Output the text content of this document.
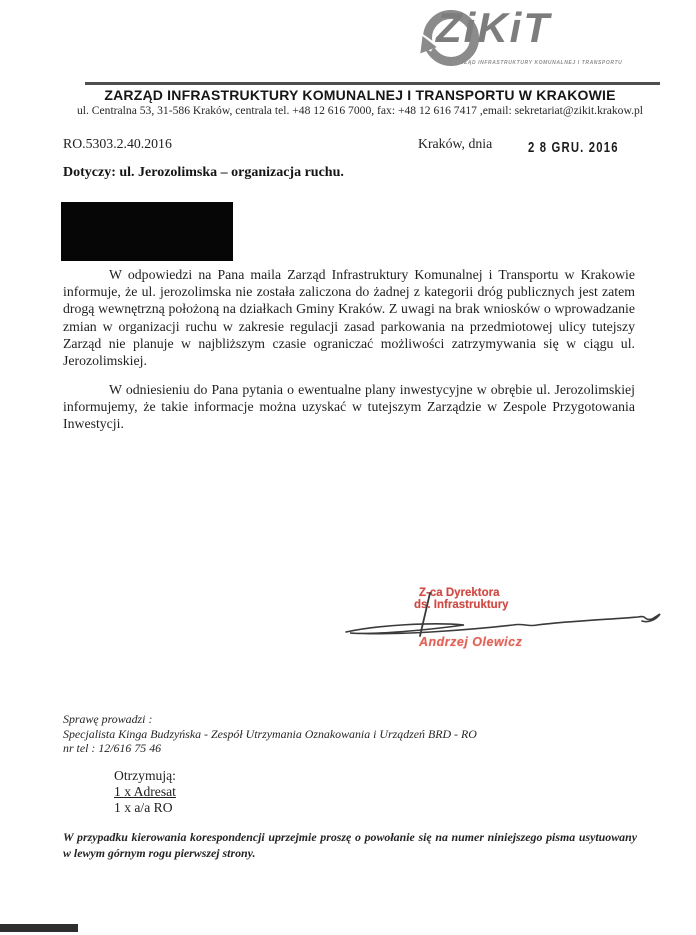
ZiKiT
ZARZĄD INFRASTRUKTURY KOMUNALNEJ I TRANSPORTU
ZARZĄD INFRASTRUKTURY KOMUNALNEJ I TRANSPORTU W KRAKOWIE
ul. Centralna 53, 31-586 Kraków, centrala tel. +48 12 616 7000, fax: +48 12 616 7417 ,email: sekretariat@zikit.krakow.pl
RO.5303.2.40.2016	Kraków, dnia 2 8 GRU. 2016
Dotyczy: ul. Jerozolimska – organizacja ruchu.
W odpowiedzi na Pana maila Zarząd Infrastruktury Komunalnej i Transportu w Krakowie informuje, że ul. jerozolimska nie została zaliczona do żadnej z kategorii dróg publicznych jest zatem drogą wewnętrzną położoną na działkach Gminy Kraków. Z uwagi na brak wniosków o wprowadzanie zmian w organizacji ruchu w zakresie regulacji zasad parkowania na przedmiotowej ulicy tutejszy Zarząd nie planuje w najbliższym czasie ograniczać możliwości zatrzymywania się w ciągu ul. Jerozolimskiej.
W odniesieniu do Pana pytania o ewentualne plany inwestycyjne w obrębie ul. Jerozolimskiej informujemy, że takie informacje można uzyskać w tutejszym Zarządzie w Zespole Przygotowania Inwestycji.
Z-ca Dyrektora
ds. Infrastruktury
Andrzej Olewicz
Sprawę prowadzi :
Specjalista Kinga Budzyńska - Zespół Utrzymania Oznakowania i Urządzeń BRD - RO
nr tel : 12/616 75 46
Otrzymują:
1 x Adresat
1 x a/a RO
W przypadku kierowania korespondencji uprzejmie proszę o powołanie się na numer niniejszego pisma usytuowany w lewym górnym rogu pierwszej strony.
